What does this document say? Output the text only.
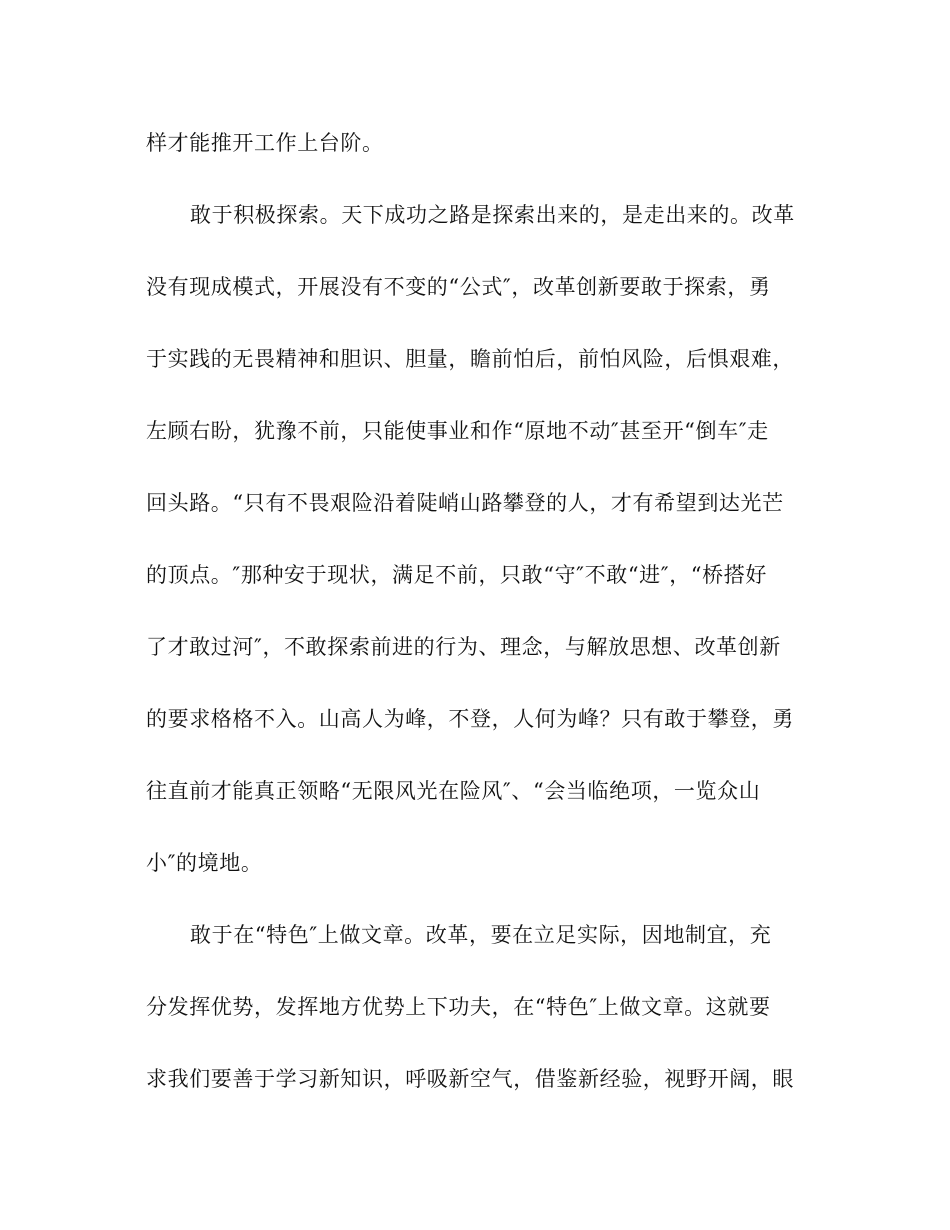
样才能推开工作上台阶。
敢于积极探索。天下成功之路是探索出来的，是走出来的。改革
没有现成模式，开展没有不变的“公式″，改革创新要敢于探索，勇
于实践的无畏精神和胆识、胆量，瞻前怕后，前怕风险，后惧艰难，
左顾右盼，犹豫不前，只能使事业和作“原地不动″甚至开“倒车″走
回头路。“只有不畏艰险沿着陡峭山路攀登的人，才有希望到达光芒
的顶点。″那种安于现状，满足不前，只敢“守″不敢“进″，“桥搭好
了才敢过河″，不敢探索前进的行为、理念，与解放思想、改革创新
的要求格格不入。山高人为峰，不登，人何为峰？只有敢于攀登，勇
往直前才能真正领略“无限风光在险风″、“会当临绝项，一览众山
小″的境地。
敢于在“特色″上做文章。改革，要在立足实际，因地制宜，充
分发挥优势，发挥地方优势上下功夫，在“特色″上做文章。这就要
求我们要善于学习新知识，呼吸新空气，借鉴新经验，视野开阔，眼
